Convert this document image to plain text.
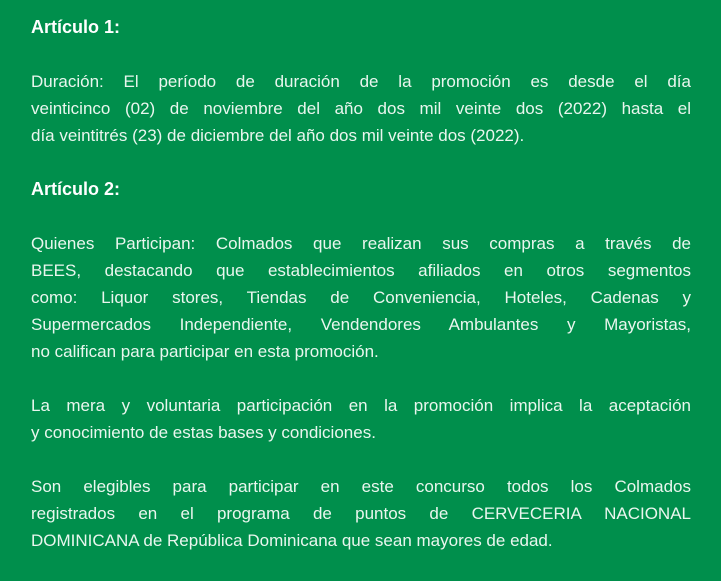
Artículo 1:
Duración: El período de duración de la promoción es desde el día
veinticinco (02) de noviembre del año dos mil veinte dos (2022) hasta el
día veintitrés (23) de diciembre del año dos mil veinte dos (2022).
Artículo 2:
Quienes Participan: Colmados que realizan sus compras a través de
BEES, destacando que establecimientos afiliados en otros segmentos
como: Liquor stores, Tiendas de Conveniencia, Hoteles, Cadenas y
Supermercados Independiente, Vendendores Ambulantes y Mayoristas,
no califican para participar en esta promoción.
La mera y voluntaria participación en la promoción implica la aceptación
y conocimiento de estas bases y condiciones.
Son elegibles para participar en este concurso todos los Colmados
registrados en el programa de puntos de CERVECERIA NACIONAL
DOMINICANA de República Dominicana que sean mayores de edad.
